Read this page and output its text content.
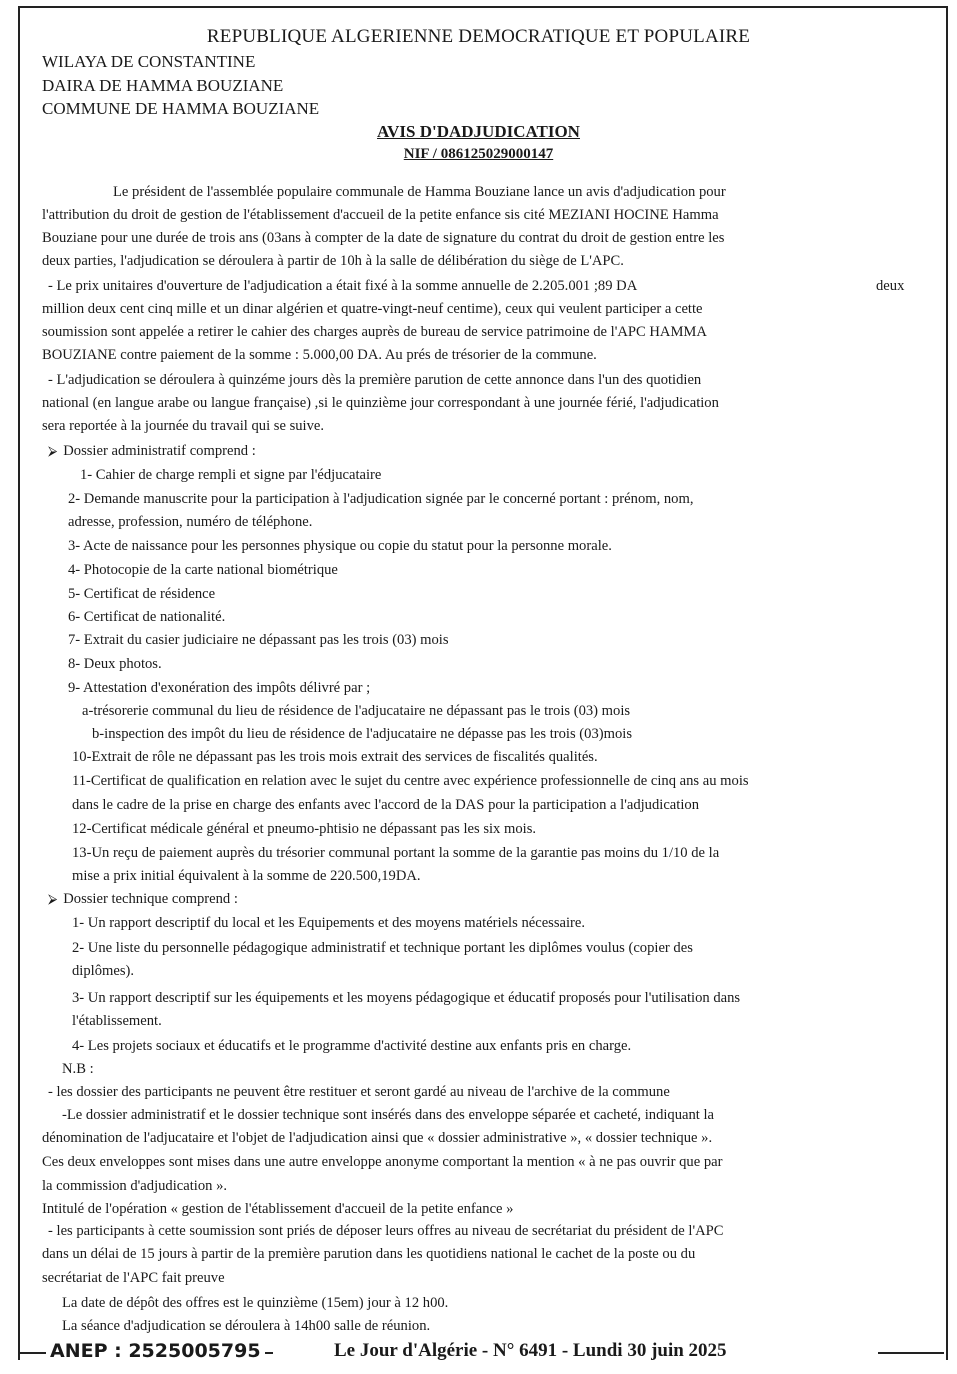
REPUBLIQUE ALGERIENNE DEMOCRATIQUE ET POPULAIRE
WILAYA DE CONSTANTINE
DAIRA DE HAMMA BOUZIANE
COMMUNE DE HAMMA BOUZIANE
AVIS D'DADJUDICATION
NIF / 086125029000147
Le président de l'assemblée populaire communale de Hamma Bouziane lance un avis d'adjudication pour
l'attribution du droit de gestion de l'établissement d'accueil de la petite enfance sis cité MEZIANI HOCINE Hamma
Bouziane pour une durée de trois ans (03ans à compter de la date de signature du contrat du droit de gestion entre les
deux parties, l'adjudication se déroulera à partir de 10h à la salle de délibération du siège de L'APC.
- Le prix unitaires d'ouverture de l'adjudication a était fixé à la somme annuelle de 2.205.001 ;89 DA	deux
million deux cent cinq mille et un dinar algérien et quatre-vingt-neuf centime), ceux qui veulent participer a cette
soumission sont appelée a retirer le cahier des charges auprès de bureau de service patrimoine de l'APC HAMMA
BOUZIANE contre paiement de la somme : 5.000,00 DA. Au prés de trésorier de la commune.
- L'adjudication se déroulera à quinzéme jours dès la première parution de cette annonce dans l'un des quotidien
national (en langue arabe ou langue française) ,si le quinzième jour correspondant à une journée férié, l'adjudication
sera reportée à la journée du travail qui se suive.
⮚ Dossier administratif comprend :
1- Cahier de charge rempli et signe par l'édjucataire
2- Demande manuscrite pour la participation à l'adjudication signée par le concerné portant : prénom, nom,
adresse, profession, numéro de téléphone.
3- Acte de naissance pour les personnes physique ou copie du statut pour la personne morale.
4- Photocopie de la carte national biométrique
5- Certificat de résidence
6- Certificat de nationalité.
7- Extrait du casier judiciaire ne dépassant pas les trois (03) mois
8- Deux photos.
9- Attestation d'exonération des impôts délivré par ;
a-trésorerie communal du lieu de résidence de l'adjucataire ne dépassant pas le trois (03) mois
b-inspection des impôt du lieu de résidence de l'adjucataire ne dépasse pas les trois (03)mois
10-Extrait de rôle ne dépassant pas les trois mois extrait des services de fiscalités qualités.
11-Certificat de qualification en relation avec le sujet du centre avec expérience professionnelle de cinq ans au mois
dans le cadre de la prise en charge des enfants avec l'accord de la DAS pour la participation a l'adjudication
12-Certificat médicale général et pneumo-phtisio ne dépassant pas les six mois.
13-Un reçu de paiement auprès du trésorier communal portant la somme de la garantie pas moins du 1/10 de la
mise a prix initial équivalent à la somme de 220.500,19DA.
⮚ Dossier technique comprend :
1- Un rapport descriptif du local et les Equipements et des moyens matériels nécessaire.
2- Une liste du personnelle pédagogique administratif et technique portant les diplômes voulus (copier des
diplômes).
3- Un rapport descriptif sur les équipements et les moyens pédagogique et éducatif proposés pour l'utilisation dans
l'établissement.
4- Les projets sociaux et éducatifs et le programme d'activité destine aux enfants pris en charge.
N.B :
- les dossier des participants ne peuvent être restituer et seront gardé au niveau de l'archive de la commune
-Le dossier administratif et le dossier technique sont insérés dans des enveloppe séparée et cacheté, indiquant la
dénomination de l'adjucataire et l'objet de l'adjudication ainsi que « dossier administrative », « dossier technique ».
Ces deux enveloppes sont mises dans une autre enveloppe anonyme comportant la mention « à ne pas ouvrir que par
la commission d'adjudication ».
Intitulé de l'opération « gestion de l'établissement d'accueil de la petite enfance »
- les participants à cette soumission sont priés de déposer leurs offres au niveau de secrétariat du président de l'APC
dans un délai de 15 jours à partir de la première parution dans les quotidiens national le cachet de la poste ou du
secrétariat de l'APC fait preuve
La date de dépôt des offres est le quinzième (15em) jour à 12 h00.
La séance d'adjudication se déroulera à 14h00 salle de réunion.
ANEP : 2525005795	Le Jour d'Algérie - N° 6491 - Lundi 30 juin 2025
